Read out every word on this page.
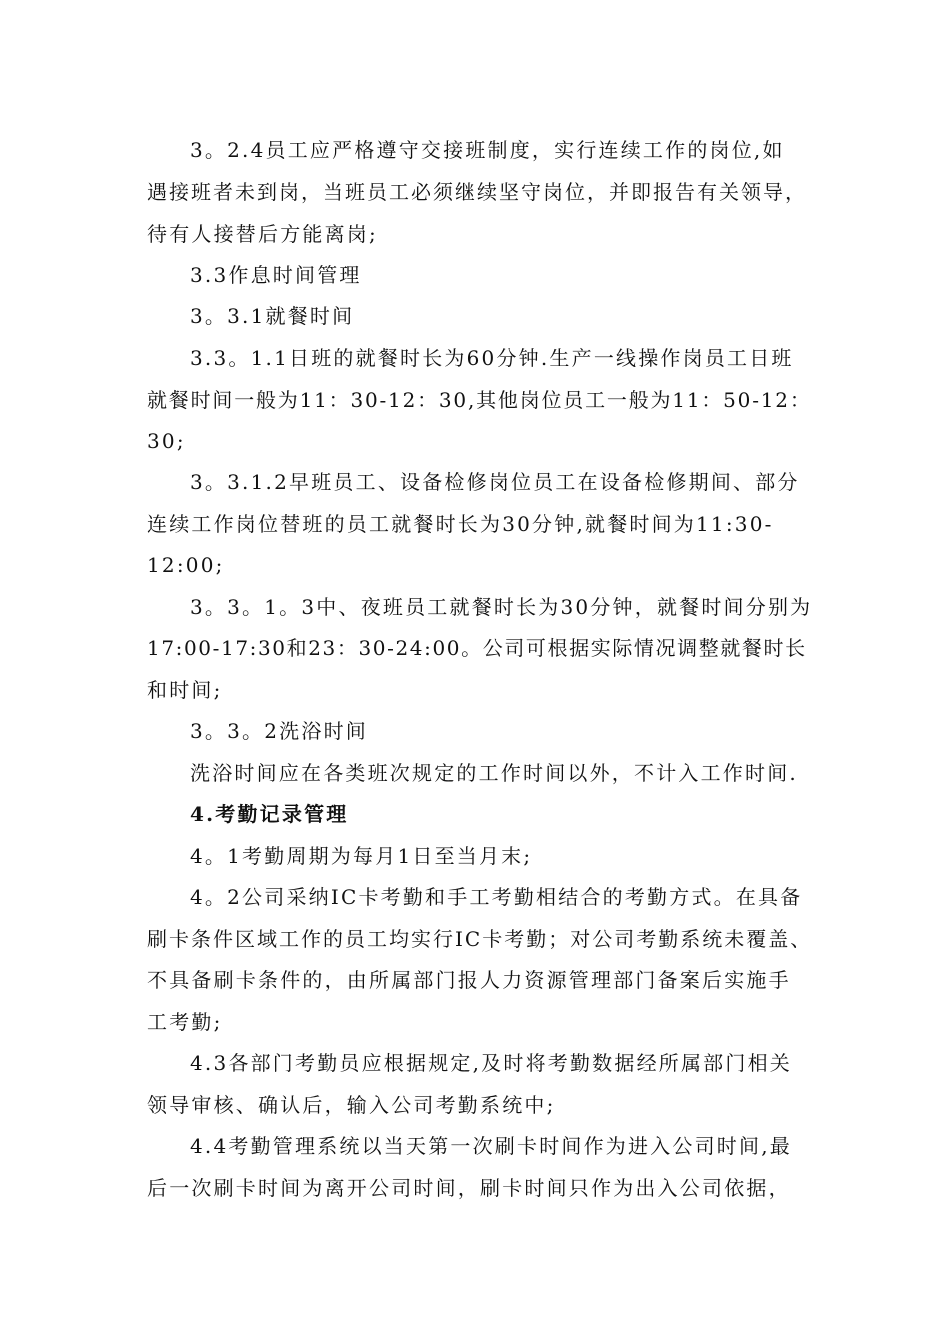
3。2.4员工应严格遵守交接班制度，实行连续工作的岗位,如
遇接班者未到岗，当班员工必须继续坚守岗位，并即报告有关领导，
待有人接替后方能离岗;
3.3作息时间管理
3。3.1就餐时间
3.3。1.1日班的就餐时长为60分钟.生产一线操作岗员工日班
就餐时间一般为11：30-12：30,其他岗位员工一般为11：50-12：
30;
3。3.1.2早班员工、设备检修岗位员工在设备检修期间、部分
连续工作岗位替班的员工就餐时长为30分钟,就餐时间为11:30-
12:00;
3。3。1。3中、夜班员工就餐时长为30分钟，就餐时间分别为
17:00-17:30和23：30-24:00。公司可根据实际情况调整就餐时长
和时间;
3。3。2洗浴时间
洗浴时间应在各类班次规定的工作时间以外，不计入工作时间.
4.考勤记录管理
4。1考勤周期为每月1日至当月末;
4。2公司采纳IC卡考勤和手工考勤相结合的考勤方式。在具备
刷卡条件区域工作的员工均实行IC卡考勤；对公司考勤系统未覆盖、
不具备刷卡条件的，由所属部门报人力资源管理部门备案后实施手
工考勤;
4.3各部门考勤员应根据规定,及时将考勤数据经所属部门相关
领导审核、确认后，输入公司考勤系统中;
4.4考勤管理系统以当天第一次刷卡时间作为进入公司时间,最
后一次刷卡时间为离开公司时间，刷卡时间只作为出入公司依据，
